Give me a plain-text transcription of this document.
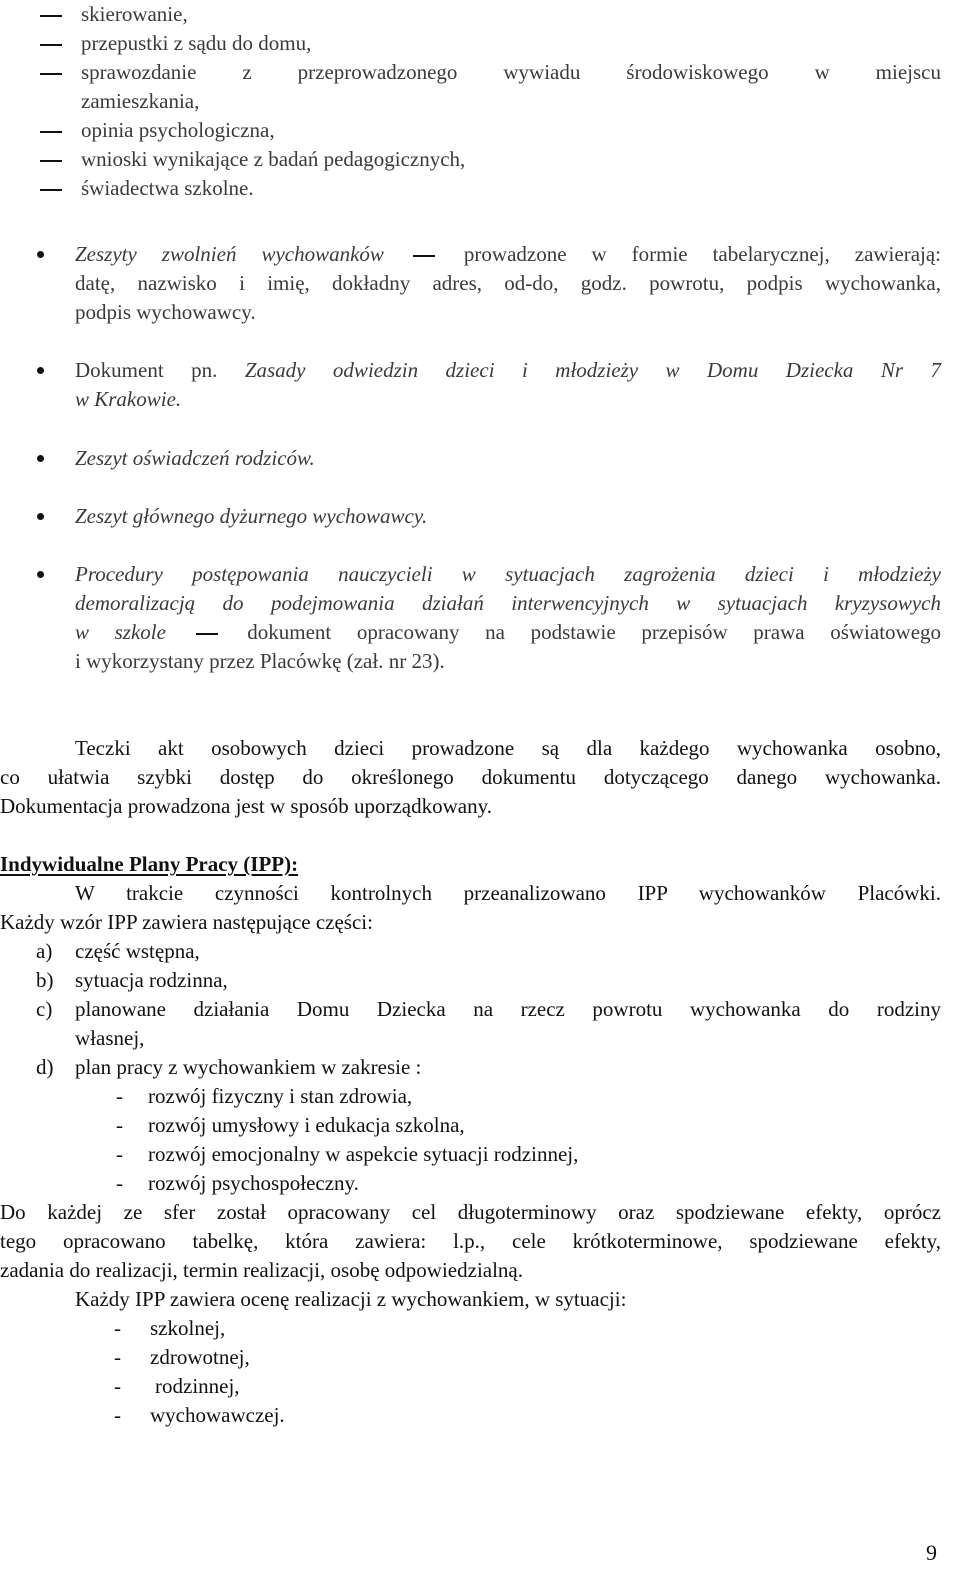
skierowanie,
przepustki z sądu do domu,
sprawozdanie z przeprowadzonego wywiadu środowiskowego w miejscu
zamieszkania,
opinia psychologiczna,
wnioski wynikające z badań pedagogicznych,
świadectwa szkolne.
Zeszyty zwolnień wychowanków	prowadzone w formie tabelarycznej, zawierają:
datę, nazwisko i imię, dokładny adres, od-do, godz. powrotu, podpis wychowanka,
podpis wychowawcy.
Dokument pn. Zasady odwiedzin dzieci i młodzieży w Domu Dziecka Nr 7
w Krakowie.
Zeszyt oświadczeń rodziców.
Zeszyt głównego dyżurnego wychowawcy.
Procedury postępowania nauczycieli w sytuacjach zagrożenia dzieci i młodzieży
demoralizacją do podejmowania działań interwencyjnych w sytuacjach kryzysowych
w szkole	dokument opracowany na podstawie przepisów prawa oświatowego
i wykorzystany przez Placówkę (zał. nr 23).
Teczki akt osobowych dzieci prowadzone są dla każdego wychowanka osobno,
co ułatwia szybki dostęp do określonego dokumentu dotyczącego danego wychowanka.
Dokumentacja prowadzona jest w sposób uporządkowany.
Indywidualne Plany Pracy (IPP):
W trakcie czynności kontrolnych przeanalizowano IPP wychowanków Placówki.
Każdy wzór IPP zawiera następujące części:
a) część wstępna,
b) sytuacja rodzinna,
c) planowane działania Domu Dziecka na rzecz powrotu wychowanka do rodziny
własnej,
d) plan pracy z wychowankiem w zakresie :
- rozwój fizyczny i stan zdrowia,
- rozwój umysłowy i edukacja szkolna,
- rozwój emocjonalny w aspekcie sytuacji rodzinnej,
- rozwój psychospołeczny.
Do każdej ze sfer został opracowany cel długoterminowy oraz spodziewane efekty, oprócz
tego opracowano tabelkę, która zawiera: l.p., cele krótkoterminowe, spodziewane efekty,
zadania do realizacji, termin realizacji, osobę odpowiedzialną.
Każdy IPP zawiera ocenę realizacji z wychowankiem, w sytuacji:
- szkolnej,
- zdrowotnej,
- rodzinnej,
- wychowawczej.
9
